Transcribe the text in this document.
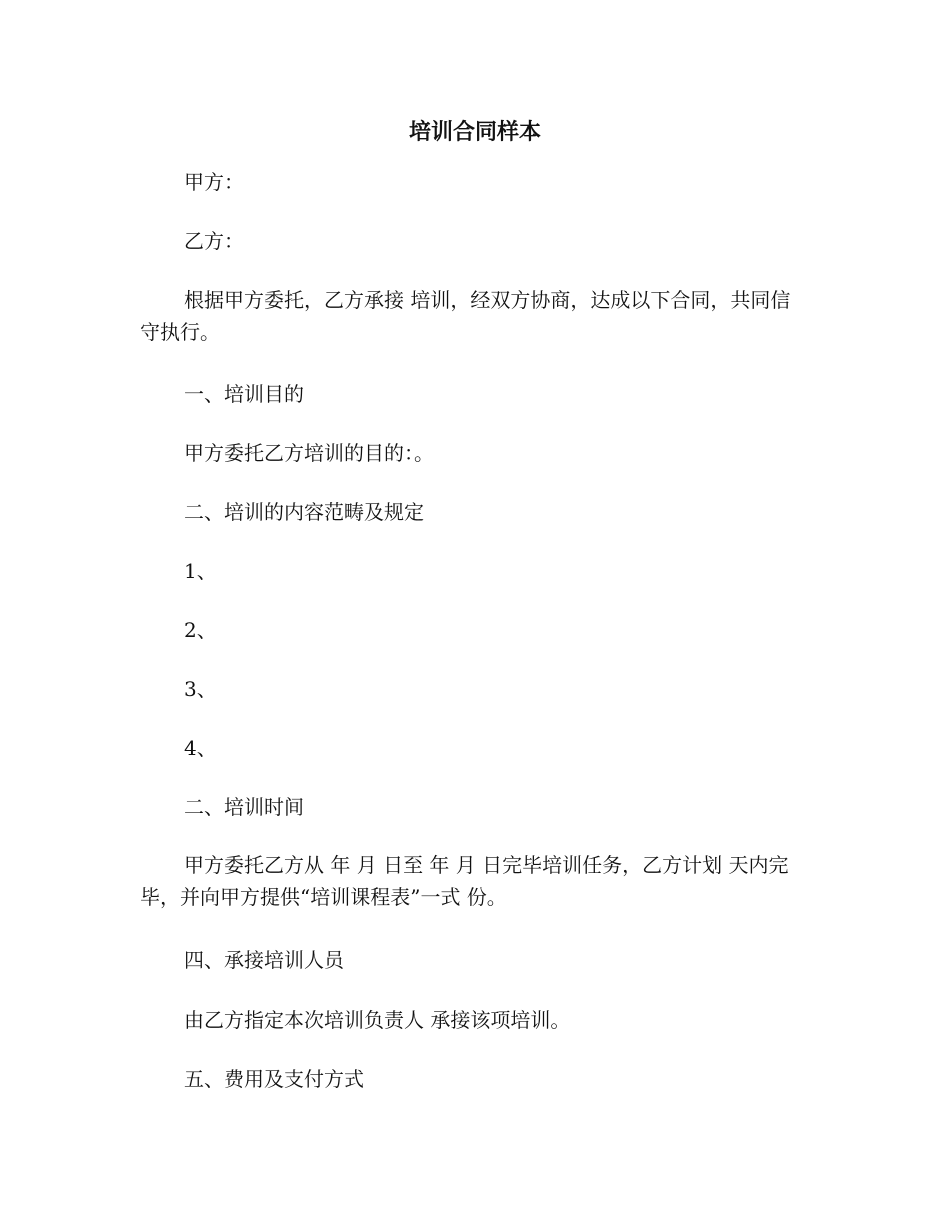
培训合同样本

甲方：

乙方：

根据甲方委托，乙方承接 培训，经双方协商，达成以下合同，共同信守执行。

一、培训目的

甲方委托乙方培训的目的：。

二、培训的内容范畴及规定

1、

2、

3、

4、

二、培训时间

甲方委托乙方从 年 月 日至 年 月 日完毕培训任务，乙方计划 天内完毕，并向甲方提供“培训课程表”一式 份。

四、承接培训人员

由乙方指定本次培训负责人 承接该项培训。

五、费用及支付方式
